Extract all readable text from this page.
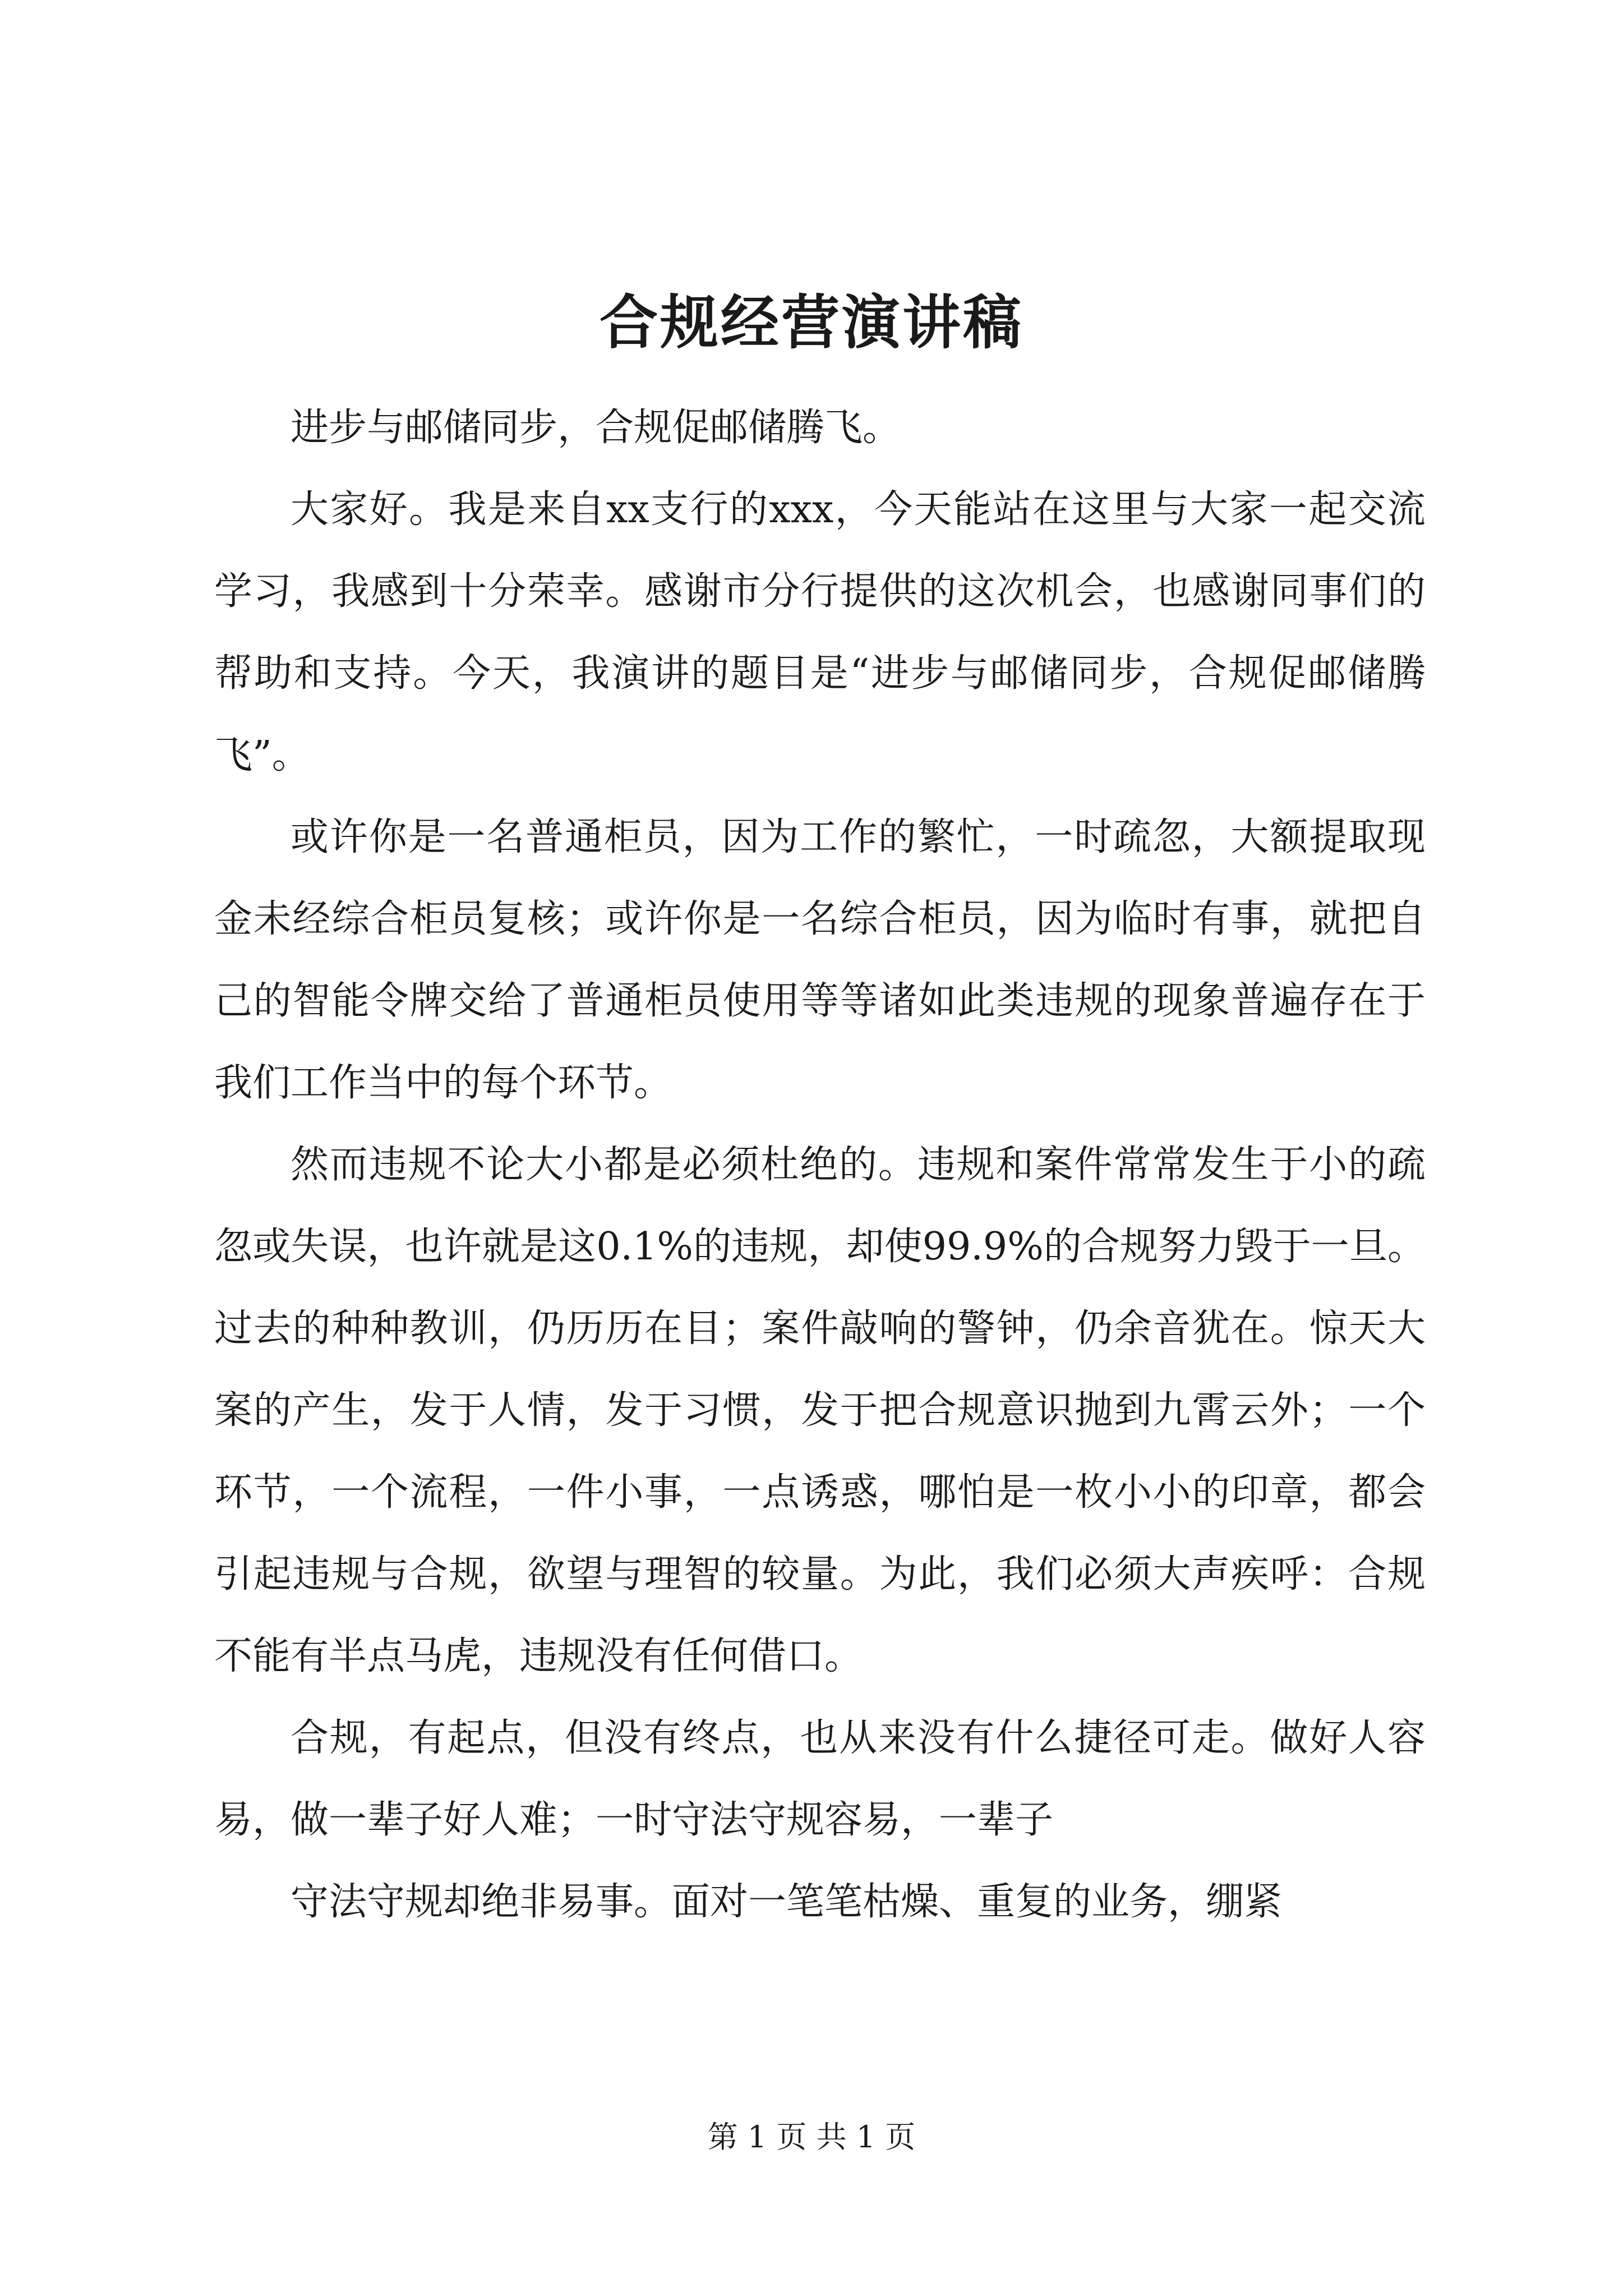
合规经营演讲稿

进步与邮储同步，合规促邮储腾飞。

大家好。我是来自xx支行的xxx，今天能站在这里与大家一起交流学习，我感到十分荣幸。感谢市分行提供的这次机会，也感谢同事们的帮助和支持。今天，我演讲的题目是“进步与邮储同步，合规促邮储腾飞”。

或许你是一名普通柜员，因为工作的繁忙，一时疏忽，大额提取现金未经综合柜员复核；或许你是一名综合柜员，因为临时有事，就把自己的智能令牌交给了普通柜员使用等等诸如此类违规的现象普遍存在于我们工作当中的每个环节。

然而违规不论大小都是必须杜绝的。违规和案件常常发生于小的疏忽或失误，也许就是这0.1%的违规，却使99.9%的合规努力毁于一旦。过去的种种教训，仍历历在目；案件敲响的警钟，仍余音犹在。惊天大案的产生，发于人情，发于习惯，发于把合规意识抛到九霄云外；一个环节，一个流程，一件小事，一点诱惑，哪怕是一枚小小的印章，都会引起违规与合规，欲望与理智的较量。为此，我们必须大声疾呼：合规不能有半点马虎，违规没有任何借口。

合规，有起点，但没有终点，也从来没有什么捷径可走。做好人容易，做一辈子好人难；一时守法守规容易，一辈子

守法守规却绝非易事。面对一笔笔枯燥、重复的业务，绷紧

第 1 页 共 1 页
